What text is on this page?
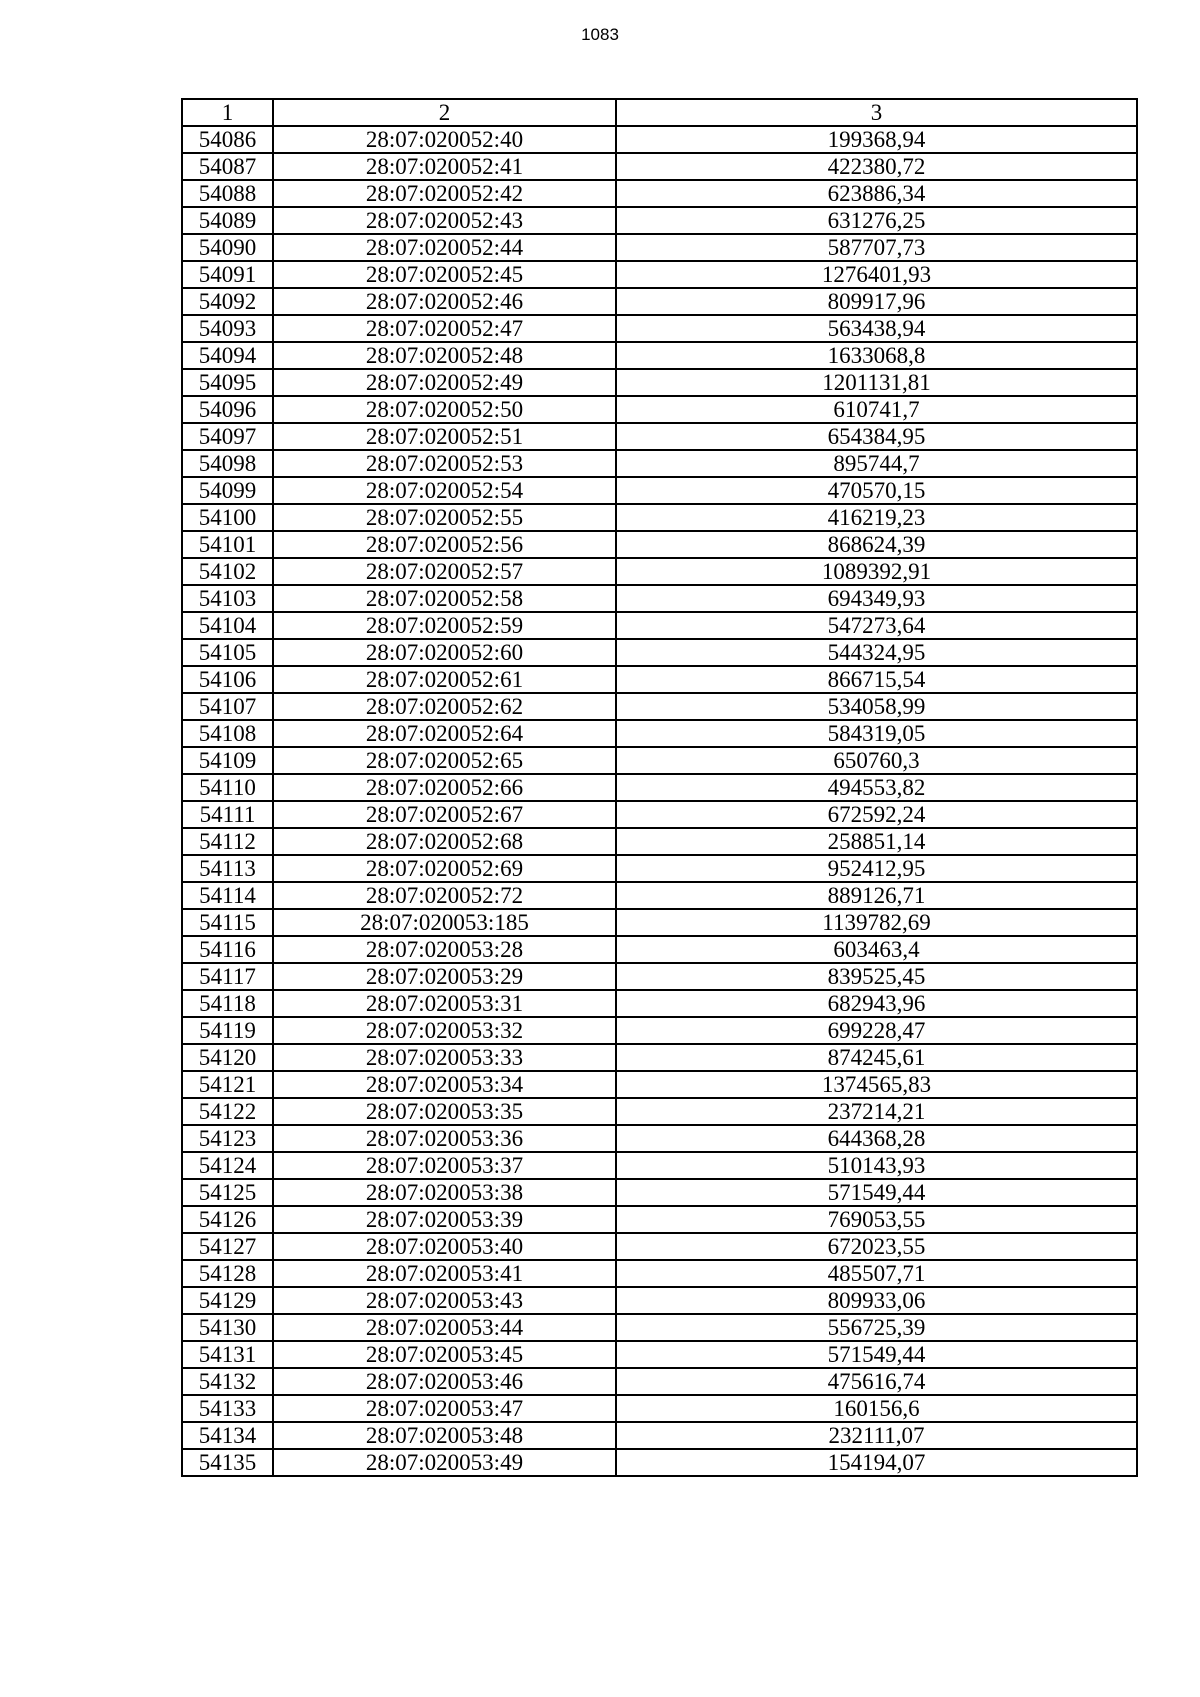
1083
1	2	3
54086	28:07:020052:40	199368,94
54087	28:07:020052:41	422380,72
54088	28:07:020052:42	623886,34
54089	28:07:020052:43	631276,25
54090	28:07:020052:44	587707,73
54091	28:07:020052:45	1276401,93
54092	28:07:020052:46	809917,96
54093	28:07:020052:47	563438,94
54094	28:07:020052:48	1633068,8
54095	28:07:020052:49	1201131,81
54096	28:07:020052:50	610741,7
54097	28:07:020052:51	654384,95
54098	28:07:020052:53	895744,7
54099	28:07:020052:54	470570,15
54100	28:07:020052:55	416219,23
54101	28:07:020052:56	868624,39
54102	28:07:020052:57	1089392,91
54103	28:07:020052:58	694349,93
54104	28:07:020052:59	547273,64
54105	28:07:020052:60	544324,95
54106	28:07:020052:61	866715,54
54107	28:07:020052:62	534058,99
54108	28:07:020052:64	584319,05
54109	28:07:020052:65	650760,3
54110	28:07:020052:66	494553,82
54111	28:07:020052:67	672592,24
54112	28:07:020052:68	258851,14
54113	28:07:020052:69	952412,95
54114	28:07:020052:72	889126,71
54115	28:07:020053:185	1139782,69
54116	28:07:020053:28	603463,4
54117	28:07:020053:29	839525,45
54118	28:07:020053:31	682943,96
54119	28:07:020053:32	699228,47
54120	28:07:020053:33	874245,61
54121	28:07:020053:34	1374565,83
54122	28:07:020053:35	237214,21
54123	28:07:020053:36	644368,28
54124	28:07:020053:37	510143,93
54125	28:07:020053:38	571549,44
54126	28:07:020053:39	769053,55
54127	28:07:020053:40	672023,55
54128	28:07:020053:41	485507,71
54129	28:07:020053:43	809933,06
54130	28:07:020053:44	556725,39
54131	28:07:020053:45	571549,44
54132	28:07:020053:46	475616,74
54133	28:07:020053:47	160156,6
54134	28:07:020053:48	232111,07
54135	28:07:020053:49	154194,07
